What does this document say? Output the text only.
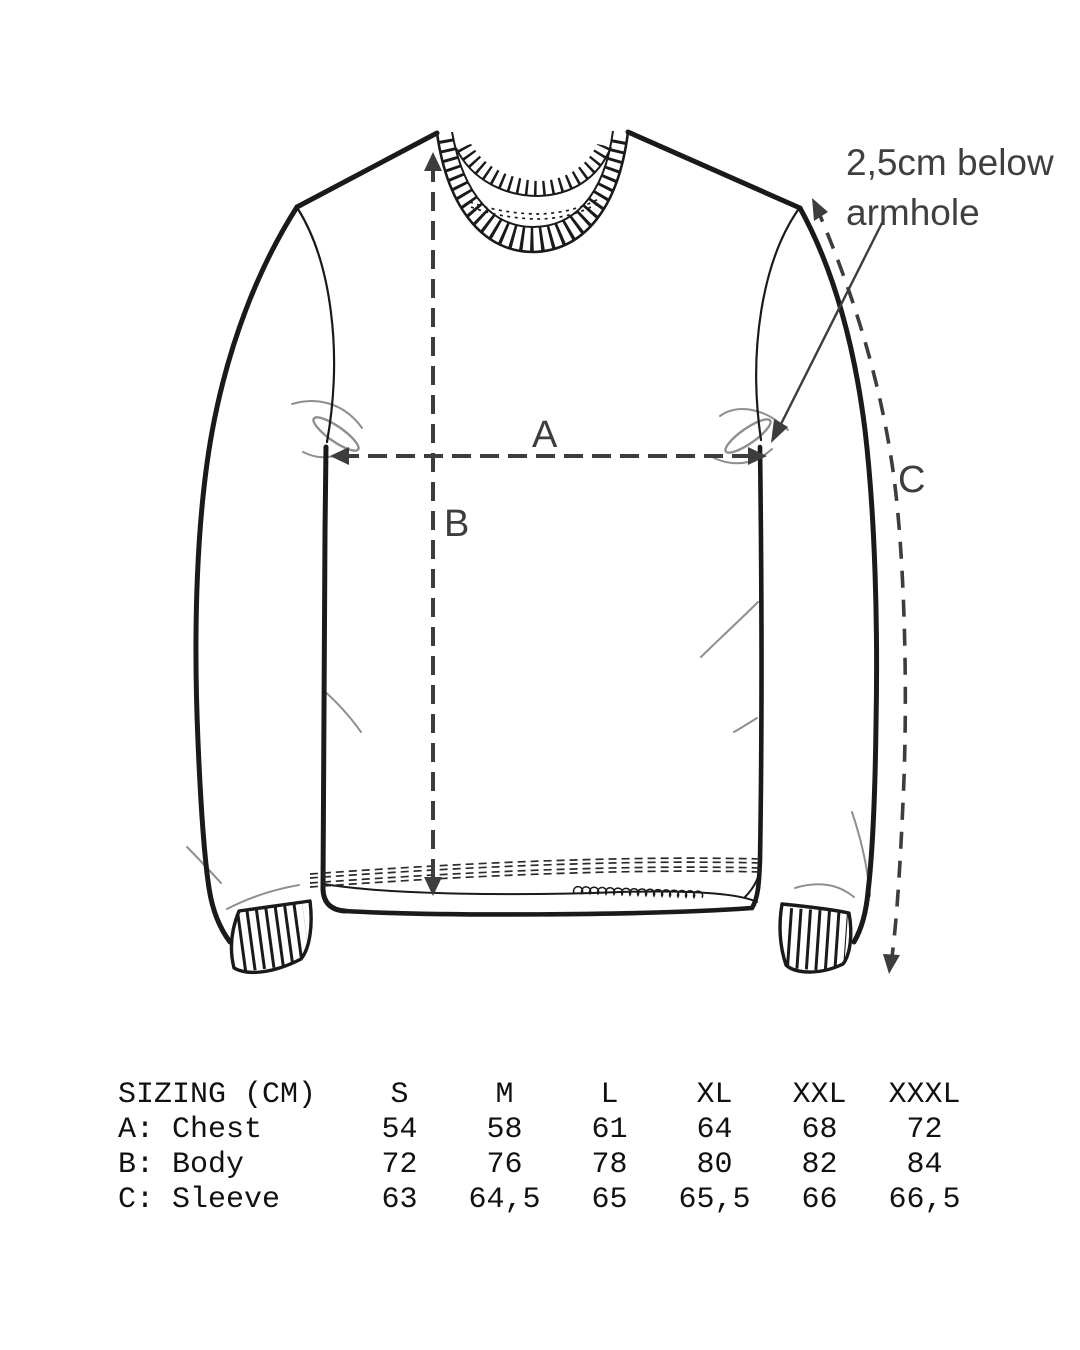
A
B
C
2,5cm below
armhole
SIZING (CM)	S	M	L	XL	XXL	XXXL
A: Chest	54	58	61	64	68	72
B: Body	72	76	78	80	82	84
C: Sleeve	63	64,5	65	65,5	66	66,5
